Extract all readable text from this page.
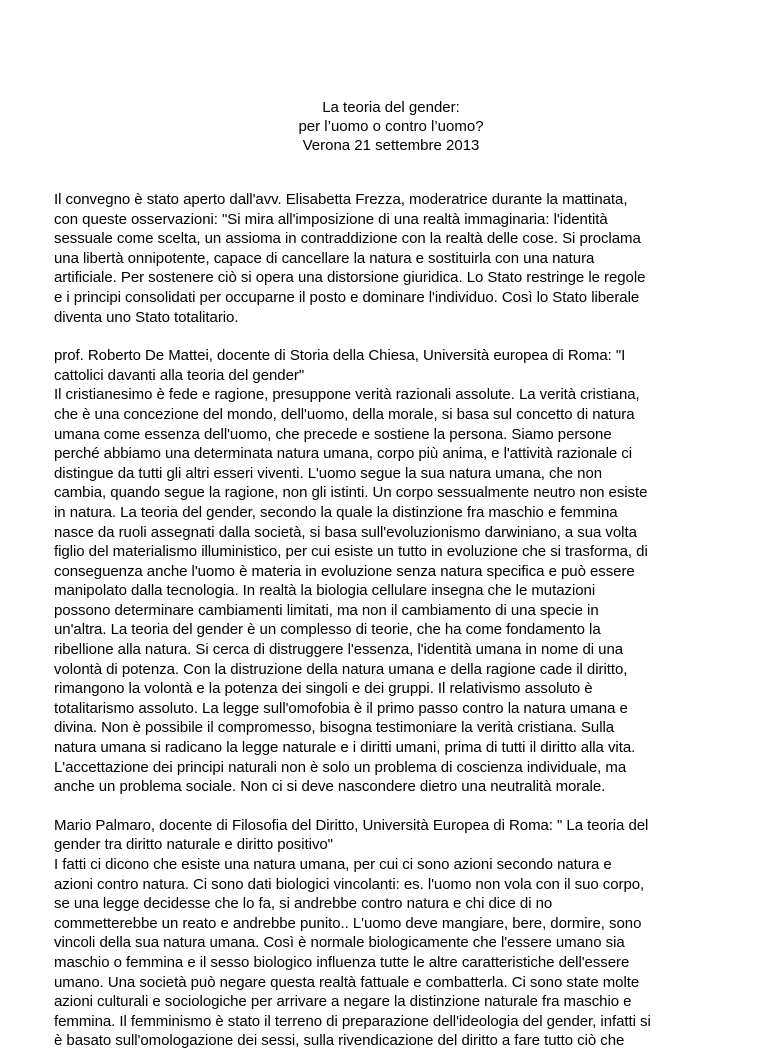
La teoria del gender:
per l’uomo o contro l’uomo?
Verona 21 settembre 2013
Il convegno è stato aperto dall'avv. Elisabetta Frezza, moderatrice durante la mattinata,
con queste osservazioni: "Si mira all'imposizione di una realtà immaginaria: l'identità
sessuale come scelta, un assioma in contraddizione con la realtà delle cose. Si proclama
una libertà onnipotente, capace di cancellare la natura e sostituirla con una natura
artificiale. Per sostenere ciò si opera una distorsione giuridica. Lo Stato restringe le regole
e i principi consolidati per occuparne il posto e dominare l'individuo. Così lo Stato liberale
diventa uno Stato totalitario.
prof. Roberto De Mattei, docente di Storia della Chiesa, Università europea di Roma: "I
cattolici davanti alla teoria del gender"
Il cristianesimo è fede e ragione, presuppone verità razionali assolute. La verità cristiana,
che è una concezione del mondo, dell'uomo, della morale, si basa sul concetto di natura
umana come essenza dell'uomo, che precede e sostiene la persona. Siamo persone
perché abbiamo una determinata natura umana, corpo più anima, e l'attività razionale ci
distingue da tutti gli altri esseri viventi. L'uomo segue la sua natura umana, che non
cambia, quando segue la ragione, non gli istinti. Un corpo sessualmente neutro non esiste
in natura. La teoria del gender, secondo la quale la distinzione fra maschio e femmina
nasce da ruoli assegnati dalla società, si basa sull'evoluzionismo darwiniano, a sua volta
figlio del materialismo illuministico, per cui esiste un tutto in evoluzione che si trasforma, di
conseguenza anche l'uomo è materia in evoluzione senza natura specifica e può essere
manipolato dalla tecnologia. In realtà la biologia cellulare insegna che le mutazioni
possono determinare cambiamenti limitati, ma non il cambiamento di una specie in
un'altra. La teoria del gender è un complesso di teorie, che ha come fondamento la
ribellione alla natura. Si cerca di distruggere l'essenza, l'identità umana in nome di una
volontà di potenza. Con la distruzione della natura umana e della ragione cade il diritto,
rimangono la volontà e la potenza dei singoli e dei gruppi. Il relativismo assoluto è
totalitarismo assoluto. La legge sull'omofobia è il primo passo contro la natura umana e
divina. Non è possibile il compromesso, bisogna testimoniare la verità cristiana. Sulla
natura umana si radicano la legge naturale e i diritti umani, prima di tutti il diritto alla vita.
L'accettazione dei principi naturali non è solo un problema di coscienza individuale, ma
anche un problema sociale. Non ci si deve nascondere dietro una neutralità morale.
Mario Palmaro, docente di Filosofia del Diritto, Università Europea di Roma: " La teoria del
gender tra diritto naturale e diritto positivo"
I fatti ci dicono che esiste una natura umana, per cui ci sono azioni secondo natura e
azioni contro natura. Ci sono dati biologici vincolanti: es. l'uomo non vola con il suo corpo,
se una legge decidesse che lo fa, si andrebbe contro natura e chi dice di no
commetterebbe un reato e andrebbe punito.. L'uomo deve mangiare, bere, dormire, sono
vincoli della sua natura umana. Così è normale biologicamente che l'essere umano sia
maschio o femmina e il sesso biologico influenza tutte le altre caratteristiche dell'essere
umano. Una società può negare questa realtà fattuale e combatterla. Ci sono state molte
azioni culturali e sociologiche per arrivare a negare la distinzione naturale fra maschio e
femmina. Il femminismo è stato il terreno di preparazione dell'ideologia del gender, infatti si
è basato sull'omologazione dei sessi, sulla rivendicazione del diritto a fare tutto ciò che
